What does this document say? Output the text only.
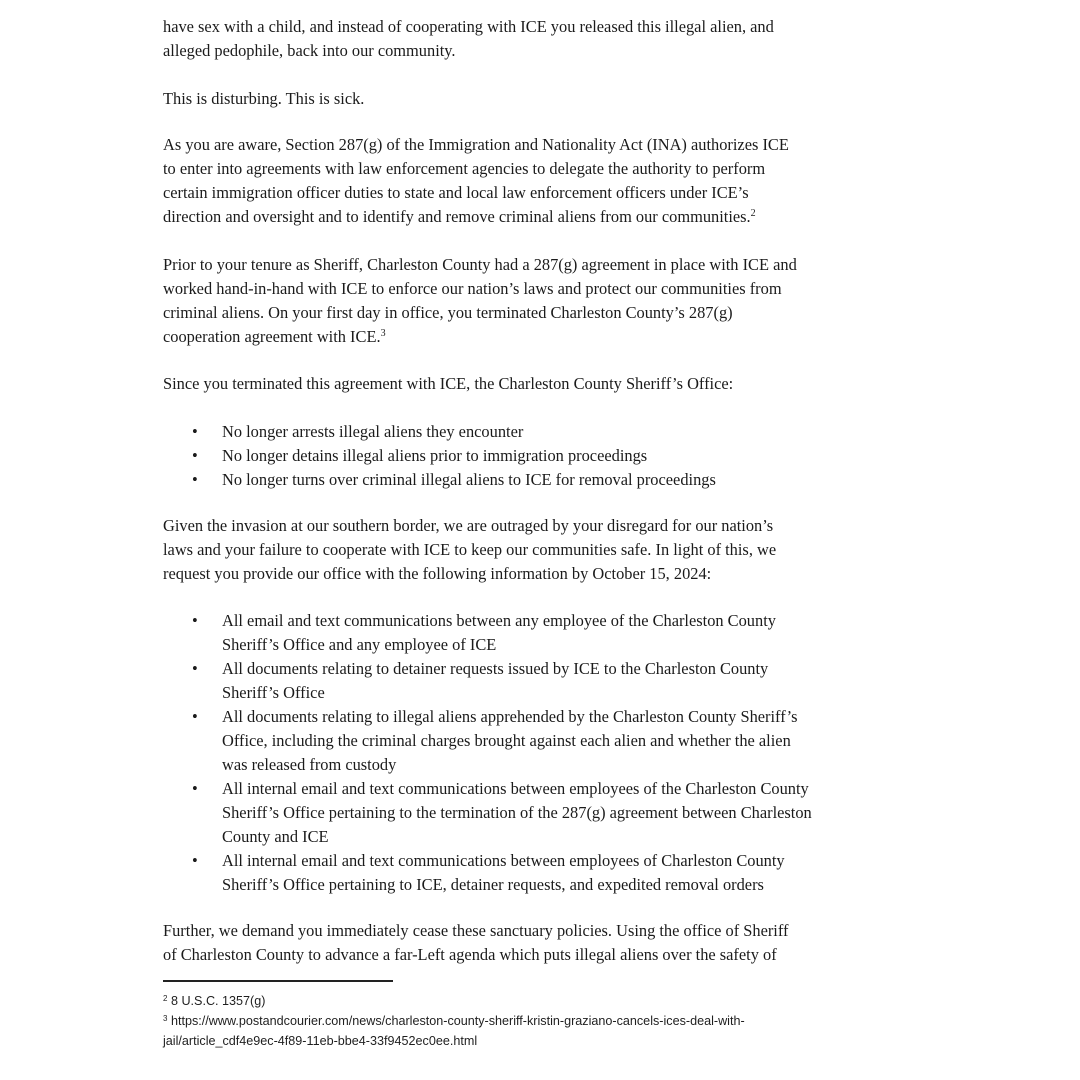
have sex with a child, and instead of cooperating with ICE you released this illegal alien, and

alleged pedophile, back into our community.

This is disturbing. This is sick.

As you are aware, Section 287(g) of the Immigration and Nationality Act (INA) authorizes ICE

to enter into agreements with law enforcement agencies to delegate the authority to perform

certain immigration officer duties to state and local law enforcement officers under ICE’s

direction and oversight and to identify and remove criminal aliens from our communities.$^2$

Prior to your tenure as Sheriff, Charleston County had a 287(g) agreement in place with ICE and

worked hand-in-hand with ICE to enforce our nation’s laws and protect our communities from

criminal aliens. On your first day in office, you terminated Charleston County’s 287(g)

cooperation agreement with ICE.$^3$

Since you terminated this agreement with ICE, the Charleston County Sheriff’s Office:

• No longer arrests illegal aliens they encounter
• No longer detains illegal aliens prior to immigration proceedings
• No longer turns over criminal illegal aliens to ICE for removal proceedings

Given the invasion at our southern border, we are outraged by your disregard for our nation’s

laws and your failure to cooperate with ICE to keep our communities safe. In light of this, we

request you provide our office with the following information by October 15, 2024:

• All email and text communications between any employee of the Charleston County
Sheriff’s Office and any employee of ICE
• All documents relating to detainer requests issued by ICE to the Charleston County
Sheriff’s Office
• All documents relating to illegal aliens apprehended by the Charleston County Sheriff’s
Office, including the criminal charges brought against each alien and whether the alien
was released from custody
• All internal email and text communications between employees of the Charleston County
Sheriff’s Office pertaining to the termination of the 287(g) agreement between Charleston
County and ICE
• All internal email and text communications between employees of Charleston County
Sheriff’s Office pertaining to ICE, detainer requests, and expedited removal orders

Further, we demand you immediately cease these sanctuary policies. Using the office of Sheriff

of Charleston County to advance a far-Left agenda which puts illegal aliens over the safety of

$^2$ 8 U.S.C. 1357(g)

$^3$ https://www.postandcourier.com/news/charleston-county-sheriff-kristin-graziano-cancels-ices-deal-with-

jail/article_cdf4e9ec-4f89-11eb-bbe4-33f9452ec0ee.html
